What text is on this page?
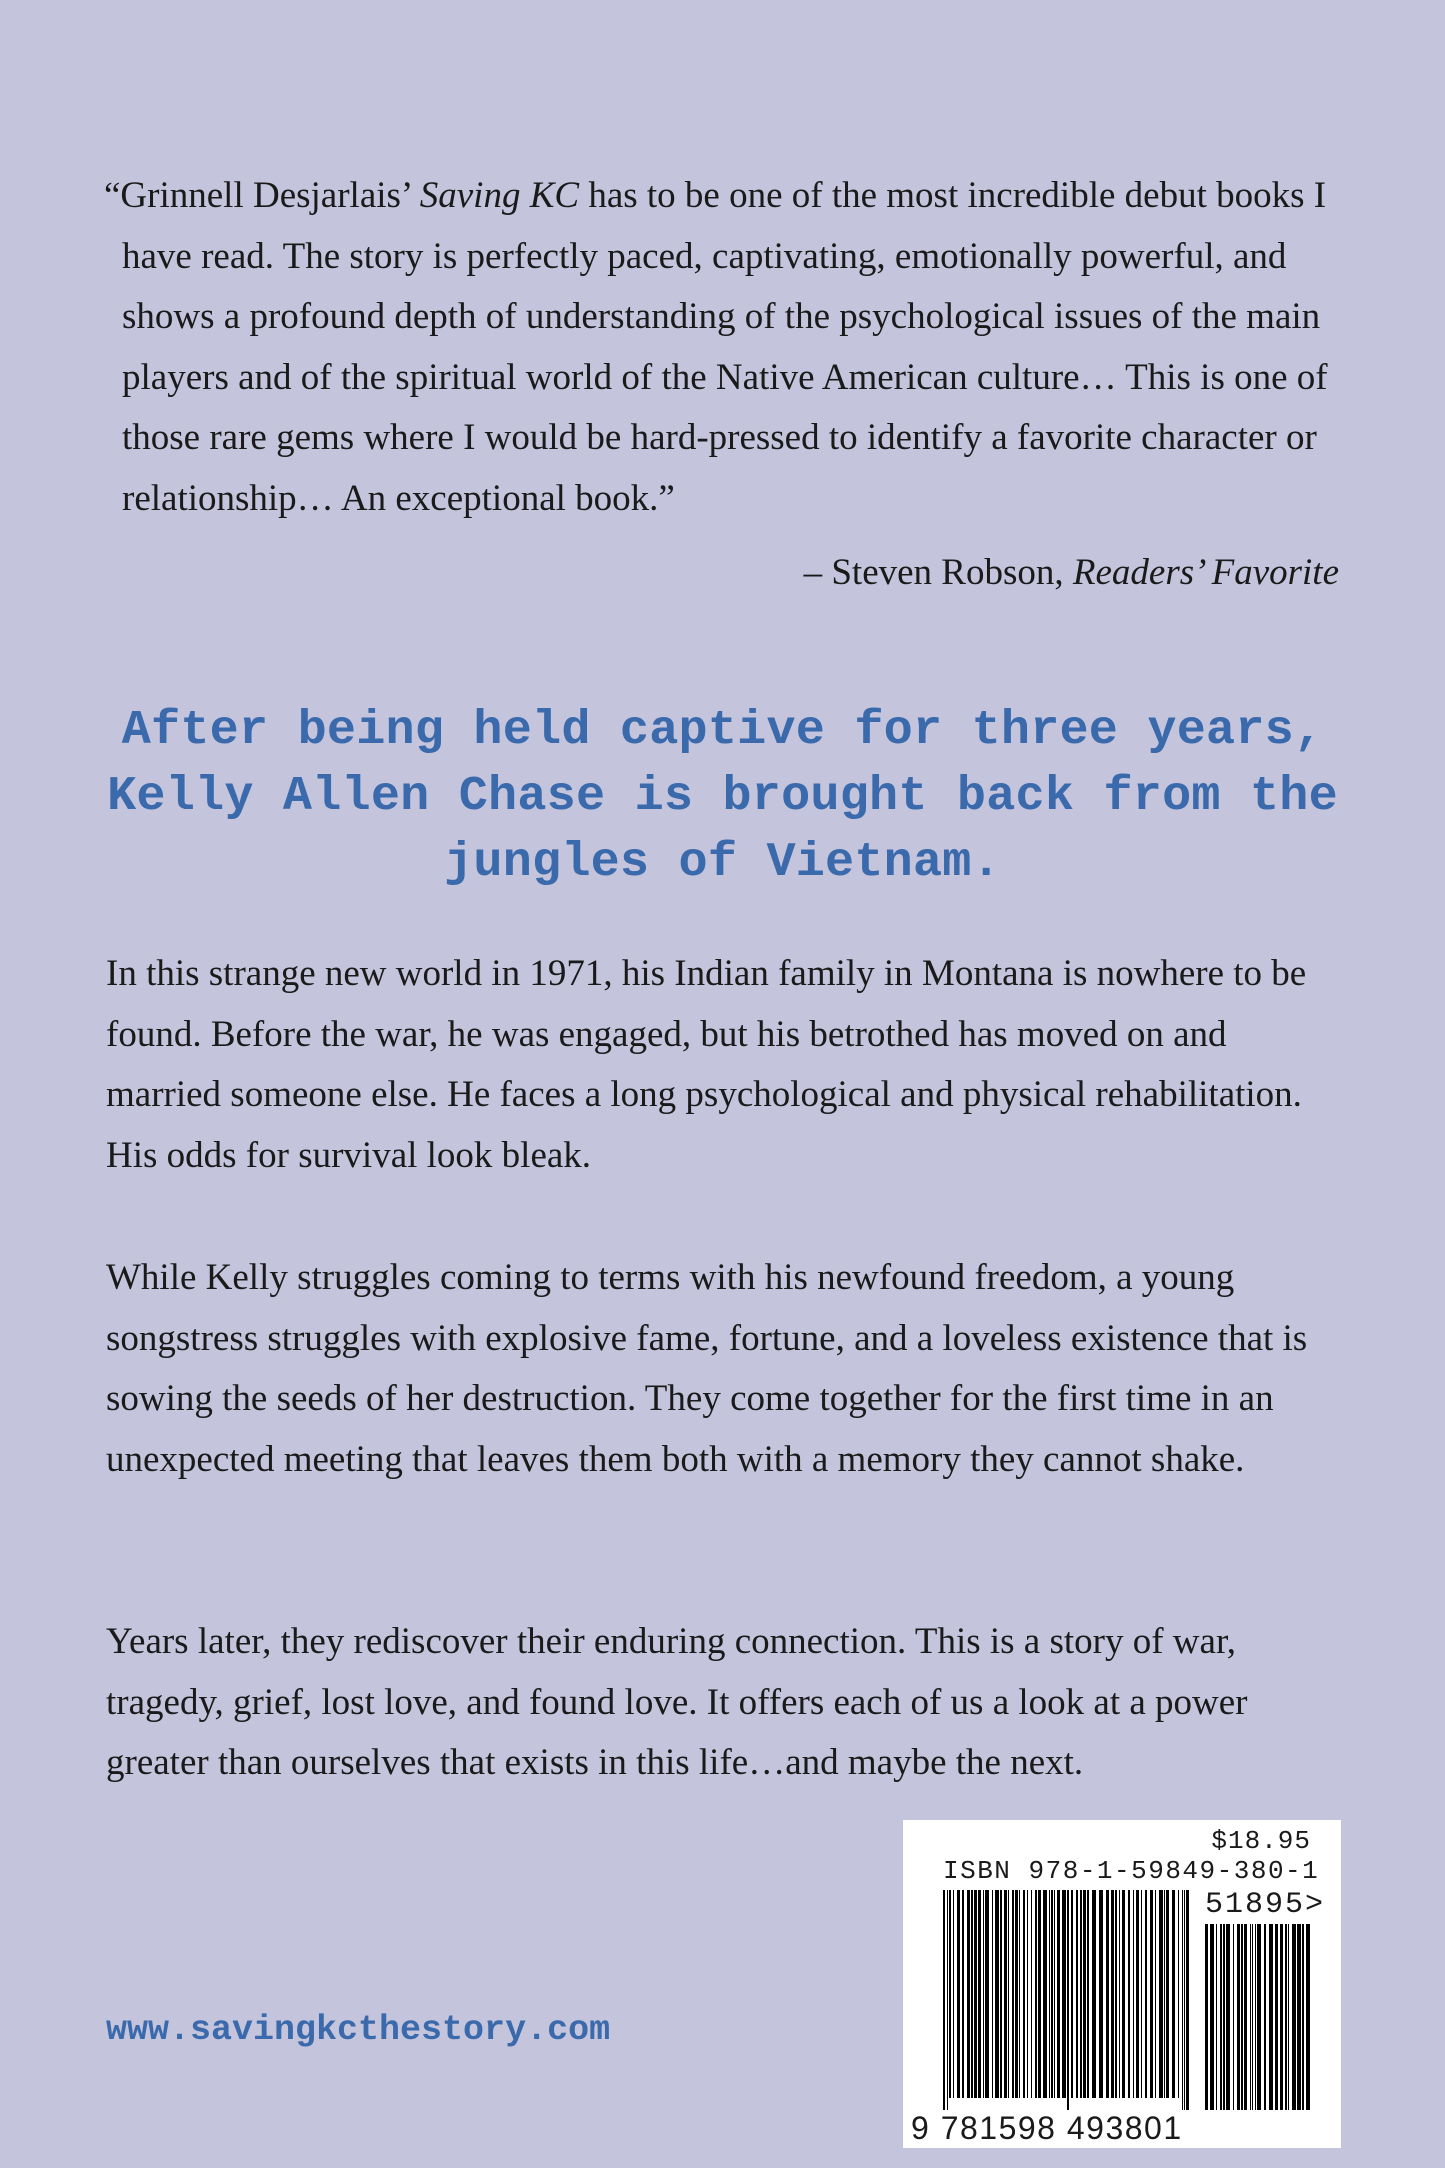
“Grinnell Desjarlais’ Saving KC has to be one of the most incredible debut books I have read. The story is perfectly paced, captivating, emotionally powerful, and shows a profound depth of understanding of the psychological issues of the main players and of the spiritual world of the Native American culture… This is one of those rare gems where I would be hard-pressed to identify a favorite character or relationship… An exceptional book.”

– Steven Robson, Readers’ Favorite
After being held captive for three years, Kelly Allen Chase is brought back from the jungles of Vietnam.

In this strange new world in 1971, his Indian family in Montana is nowhere to be found. Before the war, he was engaged, but his betrothed has moved on and married someone else. He faces a long psychological and physical rehabilitation. His odds for survival look bleak.

While Kelly struggles coming to terms with his newfound freedom, a young songstress struggles with explosive fame, fortune, and a loveless existence that is sowing the seeds of her destruction. They come together for the first time in an unexpected meeting that leaves them both with a memory they cannot shake.

Years later, they rediscover their enduring connection. This is a story of war, tragedy, grief, lost love, and found love. It offers each of us a look at a power greater than ourselves that exists in this life…and maybe the next.

www.savingkcthestory.com
$18.95
ISBN 978-1-59849-380-1
51895>
9 781598 493801
